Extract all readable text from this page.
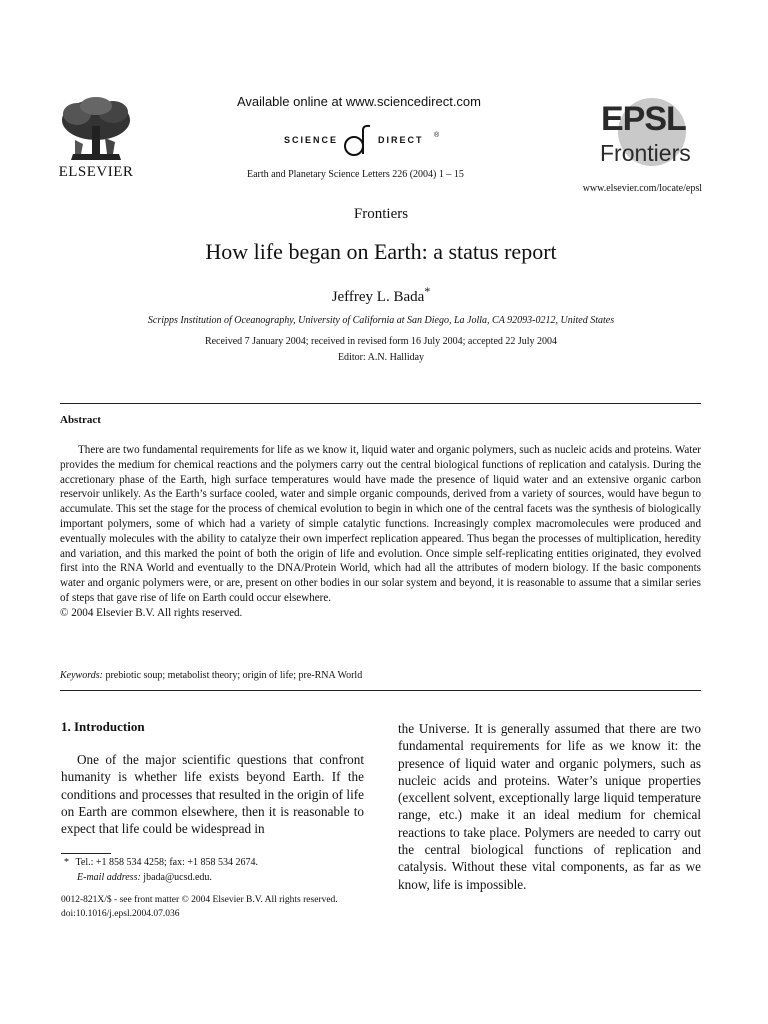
ELSEVIER
Available online at www.sciencedirect.com
SCIENCE	DIRECT ®
Earth and Planetary Science Letters 226 (2004) 1 – 15
EPSL
Frontiers
www.elsevier.com/locate/epsl
Frontiers
How life began on Earth: a status report
Jeffrey L. Bada*
Scripps Institution of Oceanography, University of California at San Diego, La Jolla, CA 92093-0212, United States
Received 7 January 2004; received in revised form 16 July 2004; accepted 22 July 2004
Editor: A.N. Halliday
Abstract

There are two fundamental requirements for life as we know it, liquid water and organic polymers, such as nucleic acids and proteins. Water provides the medium for chemical reactions and the polymers carry out the central biological functions of replication and catalysis. During the accretionary phase of the Earth, high surface temperatures would have made the presence of liquid water and an extensive organic carbon reservoir unlikely. As the Earth’s surface cooled, water and simple organic compounds, derived from a variety of sources, would have begun to accumulate. This set the stage for the process of chemical evolution to begin in which one of the central facets was the synthesis of biologically important polymers, some of which had a variety of simple catalytic functions. Increasingly complex macromolecules were produced and eventually molecules with the ability to catalyze their own imperfect replication appeared. Thus began the processes of multiplication, heredity and variation, and this marked the point of both the origin of life and evolution. Once simple self-replicating entities originated, they evolved first into the RNA World and eventually to the DNA/Protein World, which had all the attributes of modern biology. If the basic components water and organic polymers were, or are, present on other bodies in our solar system and beyond, it is reasonable to assume that a similar series of steps that gave rise of life on Earth could occur elsewhere.

© 2004 Elsevier B.V. All rights reserved.

Keywords: prebiotic soup; metabolist theory; origin of life; pre-RNA World
1. Introduction

One of the major scientific questions that confront humanity is whether life exists beyond Earth. If the conditions and processes that resulted in the origin of life on Earth are common elsewhere, then it is reasonable to expect that life could be widespread in

the Universe. It is generally assumed that there are two fundamental requirements for life as we know it: the presence of liquid water and organic polymers, such as nucleic acids and proteins. Water’s unique properties (excellent solvent, exceptionally large liquid temperature range, etc.) make it an ideal medium for chemical reactions to take place. Polymers are needed to carry out the central biological functions of replication and catalysis. Without these vital components, as far as we know, life is impossible.

* Tel.: +1 858 534 4258; fax: +1 858 534 2674.
E-mail address: jbada@ucsd.edu.
0012-821X/$ - see front matter © 2004 Elsevier B.V. All rights reserved.
doi:10.1016/j.epsl.2004.07.036
